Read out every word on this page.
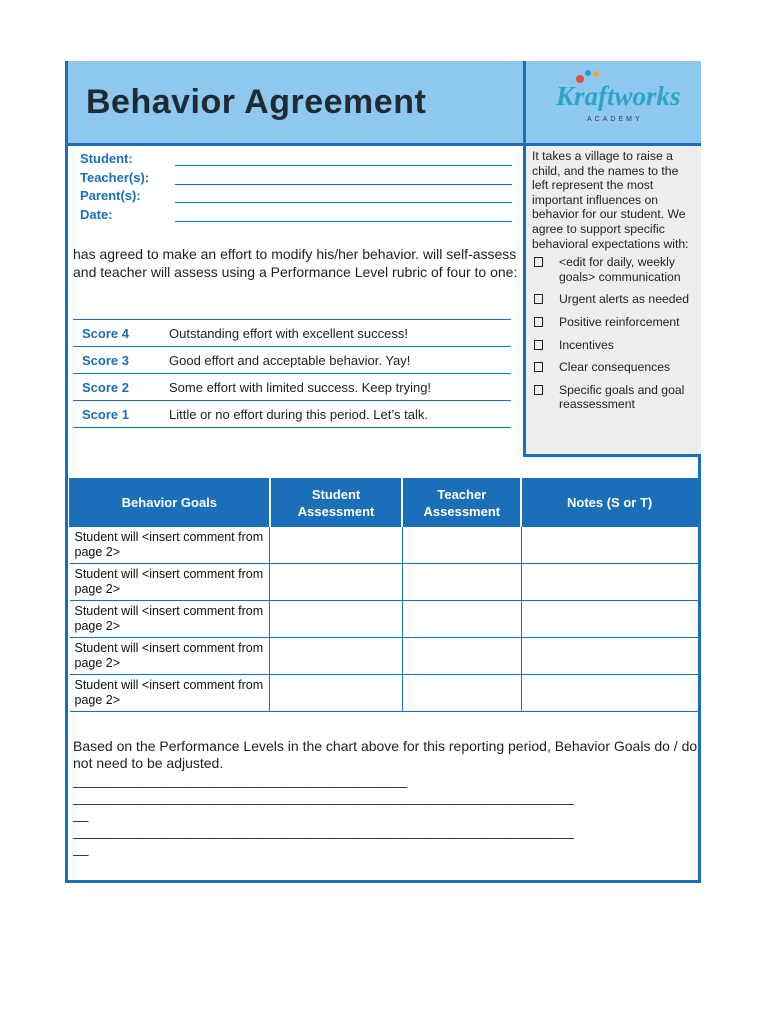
Behavior Agreement	Kraftworks
ACADEMY

It takes a village to raise a child, and the names to the left represent the most important influences on behavior for our student. We agree to support specific behavioral expectations with:

<edit for daily, weekly goals> communication
Urgent alerts as needed
Positive reinforcement
Incentives
Clear consequences
Specific goals and goal reassessment
Student:
Teacher(s):
Parent(s):
Date:

has agreed to make an effort to modify his/her behavior. will self-assess and teacher will assess using a Performance Level rubric of four to one:

Score 4	Outstanding effort with excellent success!
Score 3	Good effort and acceptable behavior. Yay!
Score 2	Some effort with limited success. Keep trying!
Score 1	Little or no effort during this period. Let’s talk.
Behavior Goals	Student Assessment	Teacher Assessment	Notes (S or T)
Student will <insert comment from page 2>			
Student will <insert comment from page 2>			
Student will <insert comment from page 2>			
Student will <insert comment from page 2>			
Student will <insert comment from page 2>			

Based on the Performance Levels in the chart above for this reporting period, Behavior Goals do / do not need to be adjusted.

____________________________________________

__________________________________________________________________

__

__________________________________________________________________

__
